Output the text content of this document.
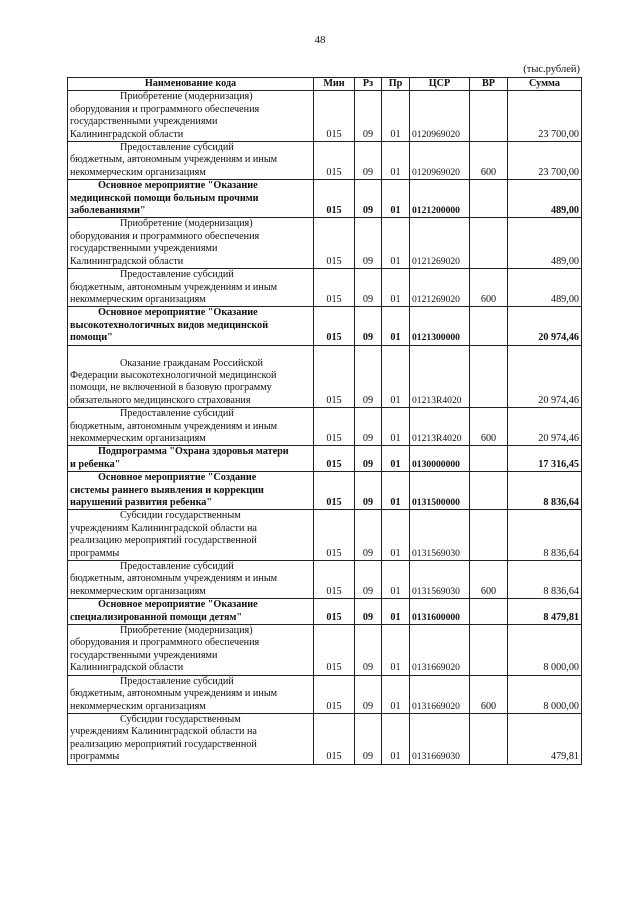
48
(тыс.рублей)
Наименование кода	Мин	Рз	Пр	ЦСР	ВР	Сумма

Приобретение (модернизация)
оборудования и программного обеспечения
государственными учреждениями
Калининградской области	015	09	01	0120969020		23 700,00

Предоставление субсидий
бюджетным, автономным учреждениям и иным
некоммерческим организациям	015	09	01	0120969020	600	23 700,00

Основное мероприятие "Оказание
медицинской помощи больным прочими
заболеваниями"	015	09	01	0121200000		489,00

Приобретение (модернизация)
оборудования и программного обеспечения
государственными учреждениями
Калининградской области	015	09	01	0121269020		489,00

Предоставление субсидий
бюджетным, автономным учреждениям и иным
некоммерческим организациям	015	09	01	0121269020	600	489,00

Основное мероприятие "Оказание
высокотехнологичных видов медицинской
помощи"	015	09	01	0121300000		20 974,46

Оказание гражданам Российской
Федерации высокотехнологичной медицинской
помощи, не включенной в базовую программу
обязательного медицинского страхования	015	09	01	01213R4020		20 974,46

Предоставление субсидий
бюджетным, автономным учреждениям и иным
некоммерческим организациям	015	09	01	01213R4020	600	20 974,46

Подпрограмма "Охрана здоровья матери
и ребенка"	015	09	01	0130000000		17 316,45

Основное мероприятие "Создание
системы раннего выявления и коррекции
нарушений развития ребенка"	015	09	01	0131500000		8 836,64

Субсидии государственным
учреждениям Калининградской области на
реализацию мероприятий государственной
программы	015	09	01	0131569030		8 836,64

Предоставление субсидий
бюджетным, автономным учреждениям и иным
некоммерческим организациям	015	09	01	0131569030	600	8 836,64

Основное мероприятие "Оказание
специализированной помощи детям"	015	09	01	0131600000		8 479,81

Приобретение (модернизация)
оборудования и программного обеспечения
государственными учреждениями
Калининградской области	015	09	01	0131669020		8 000,00

Предоставление субсидий
бюджетным, автономным учреждениям и иным
некоммерческим организациям	015	09	01	0131669020	600	8 000,00

Субсидии государственным
учреждениям Калининградской области на
реализацию мероприятий государственной
программы	015	09	01	0131669030		479,81
